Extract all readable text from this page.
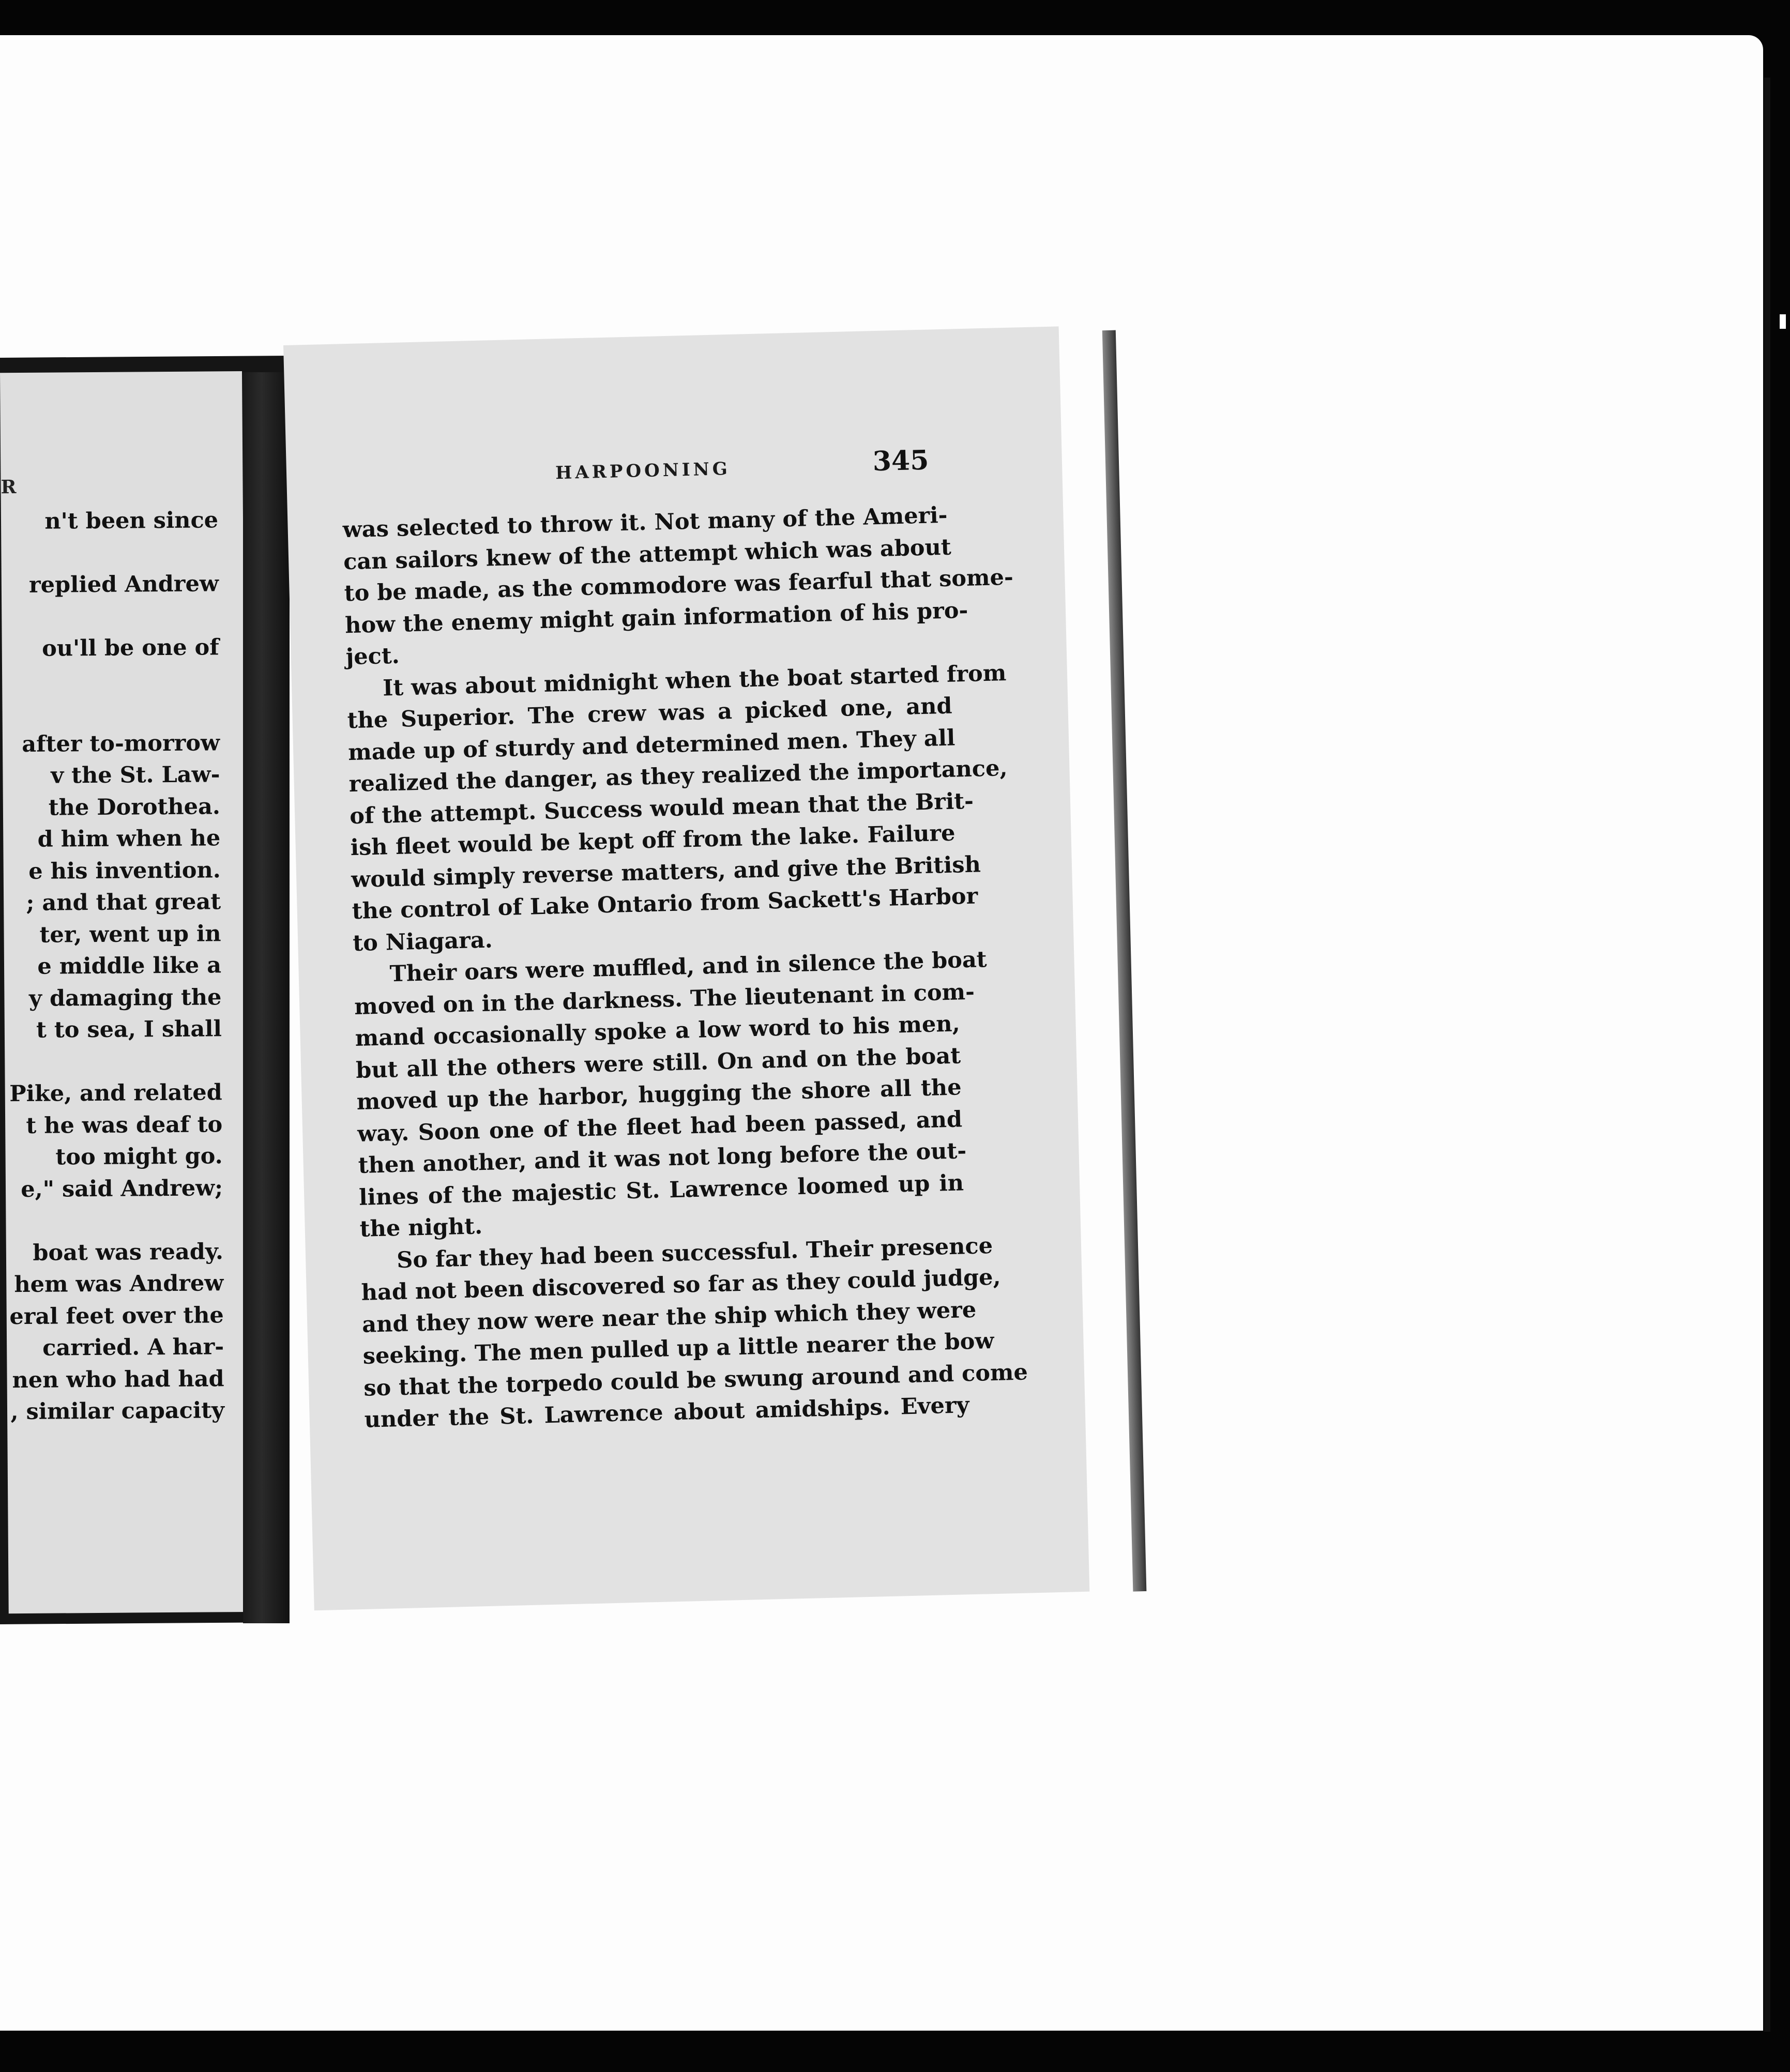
R
n't been since
replied Andrew
ou'll be one of
after to-morrow
v the St. Law-
the Dorothea.
d him when he
e his invention.
; and that great
ter, went up in
e middle like a
y damaging the
t to sea, I shall
Pike, and related
t he was deaf to
too might go.
e," said Andrew;
boat was ready.
hem was Andrew
eral feet over the
carried. A har-
nen who had had
, similar capacity
HARPOONING	345
was selected to throw it. Not many of the Ameri-
can sailors knew of the attempt which was about
to be made, as the commodore was fearful that some-
how the enemy might gain information of his pro-
ject.
It was about midnight when the boat started from
the Superior. The crew was a picked one, and
made up of sturdy and determined men. They all
realized the danger, as they realized the importance,
of the attempt. Success would mean that the Brit-
ish fleet would be kept off from the lake. Failure
would simply reverse matters, and give the British
the control of Lake Ontario from Sackett's Harbor
to Niagara.
Their oars were muffled, and in silence the boat
moved on in the darkness. The lieutenant in com-
mand occasionally spoke a low word to his men,
but all the others were still. On and on the boat
moved up the harbor, hugging the shore all the
way. Soon one of the fleet had been passed, and
then another, and it was not long before the out-
lines of the majestic St. Lawrence loomed up in
the night.
So far they had been successful. Their presence
had not been discovered so far as they could judge,
and they now were near the ship which they were
seeking. The men pulled up a little nearer the bow
so that the torpedo could be swung around and come
under the St. Lawrence about amidships. Every
